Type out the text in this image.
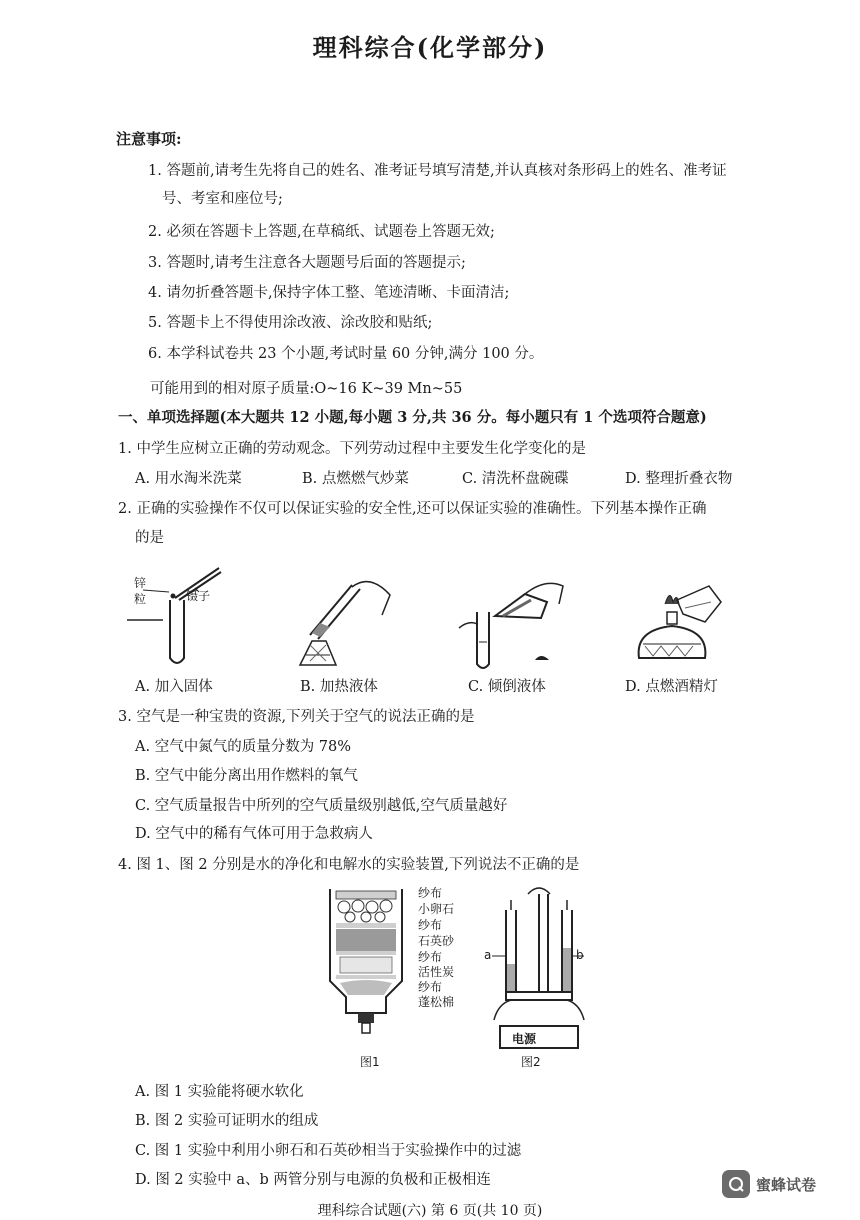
理科综合(化学部分)
注意事项:
1. 答题前,请考生先将自己的姓名、准考证号填写清楚,并认真核对条形码上的姓名、准考证
号、考室和座位号;
2. 必须在答题卡上答题,在草稿纸、试题卷上答题无效;
3. 答题时,请考生注意各大题题号后面的答题提示;
4. 请勿折叠答题卡,保持字体工整、笔迹清晰、卡面清洁;
5. 答题卡上不得使用涂改液、涂改胶和贴纸;
6. 本学科试卷共 23 个小题,考试时量 60 分钟,满分 100 分。
可能用到的相对原子质量:O~16 K~39 Mn~55
一、单项选择题(本大题共 12 小题,每小题 3 分,共 36 分。每小题只有 1 个选项符合题意)
1. 中学生应树立正确的劳动观念。下列劳动过程中主要发生化学变化的是
A. 用水淘米洗菜	B. 点燃燃气炒菜	C. 清洗杯盘碗碟	D. 整理折叠衣物
2. 正确的实验操作不仅可以保证实验的安全性,还可以保证实验的准确性。下列基本操作正确
的是
锌
粒	镊子
A. 加入固体	B. 加热液体	C. 倾倒液体	D. 点燃酒精灯
3. 空气是一种宝贵的资源,下列关于空气的说法正确的是
A. 空气中氮气的质量分数为 78%
B. 空气中能分离出用作燃料的氧气
C. 空气质量报告中所列的空气质量级别越低,空气质量越好
D. 空气中的稀有气体可用于急救病人
4. 图 1、图 2 分别是水的净化和电解水的实验装置,下列说法不正确的是
纱布
小卵石
纱布
石英砂
纱布
活性炭
纱布
蓬松棉
图1
a	b
电源
图2
A. 图 1 实验能将硬水软化
B. 图 2 实验可证明水的组成
C. 图 1 实验中利用小卵石和石英砂相当于实验操作中的过滤
D. 图 2 实验中 a、b 两管分别与电源的负极和正极相连	蜜蜂试卷
理科综合试题(六) 第 6 页(共 10 页)
